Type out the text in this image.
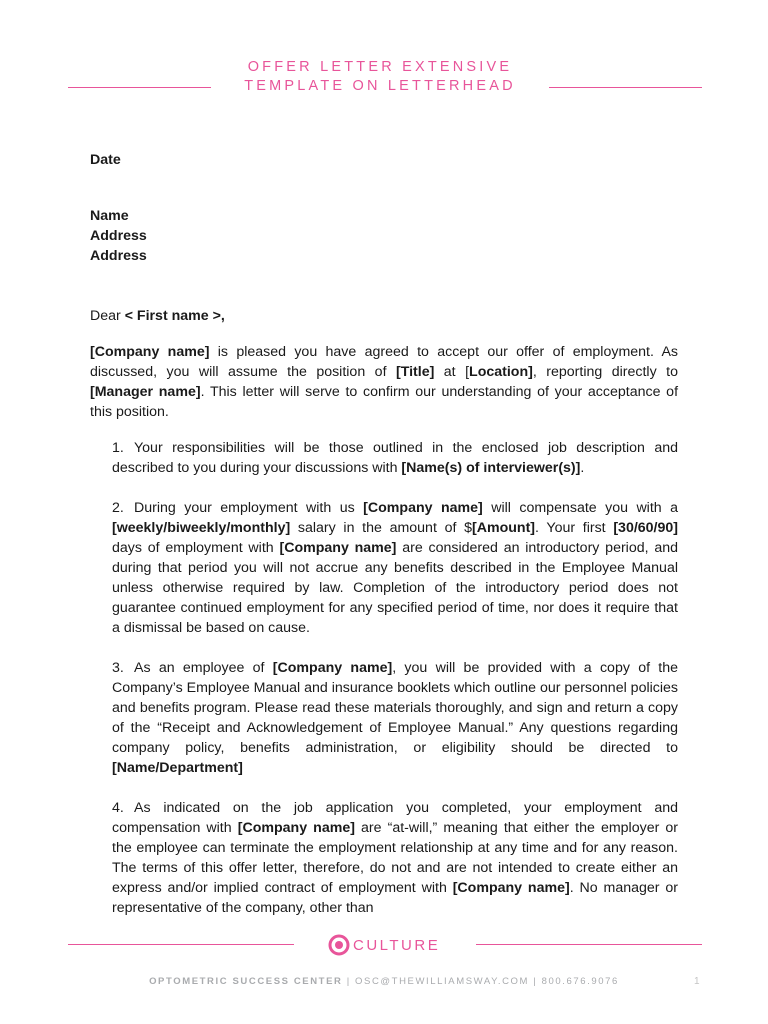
OFFER LETTER EXTENSIVE
TEMPLATE ON LETTERHEAD
Date
Name
Address
Address
Dear < First name >,

[Company name] is pleased you have agreed to accept our offer of employment. As discussed, you will assume the position of [Title] at [Location], reporting directly to [Manager name]. This letter will serve to confirm our understanding of your acceptance of this position.

1. Your responsibilities will be those outlined in the enclosed job description and described to you during your discussions with [Name(s) of interviewer(s)].

2. During your employment with us [Company name] will compensate you with a [weekly/biweekly/monthly] salary in the amount of $[Amount]. Your first [30/60/90] days of employment with [Company name] are considered an introductory period, and during that period you will not accrue any benefits described in the Employee Manual unless otherwise required by law. Completion of the introductory period does not guarantee continued employment for any specified period of time, nor does it require that a dismissal be based on cause.

3. As an employee of [Company name], you will be provided with a copy of the Company’s Employee Manual and insurance booklets which outline our personnel policies and benefits program. Please read these materials thoroughly, and sign and return a copy of the “Receipt and Acknowledgement of Employee Manual.” Any questions regarding company policy, benefits administration, or eligibility should be directed to [Name/Department]

4. As indicated on the job application you completed, your employment and compensation with [Company name] are “at-will,” meaning that either the employer or the employee can terminate the employment relationship at any time and for any reason. The terms of this offer letter, therefore, do not and are not intended to create either an express and/or implied contract of employment with [Company name]. No manager or representative of the company, other than

CULTURE
OPTOMETRIC SUCCESS CENTER | OSC@THEWILLIAMSWAY.COM | 800.676.9076	1
